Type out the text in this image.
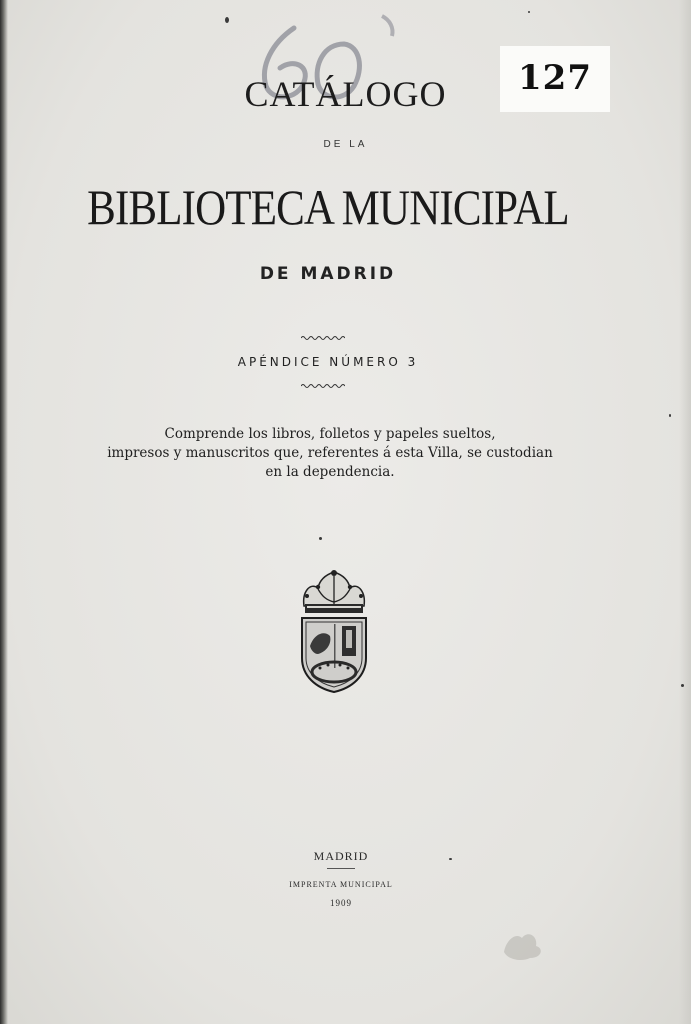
127
CATÁLOGO
DE LA
BIBLIOTECA MUNICIPAL
DE MADRID
APÉNDICE NÚMERO 3
Comprende los libros, folletos y papeles sueltos,
impresos y manuscritos que, referentes á esta Villa, se custodian
en la dependencia.
MADRID
IMPRENTA MUNICIPAL
1909
